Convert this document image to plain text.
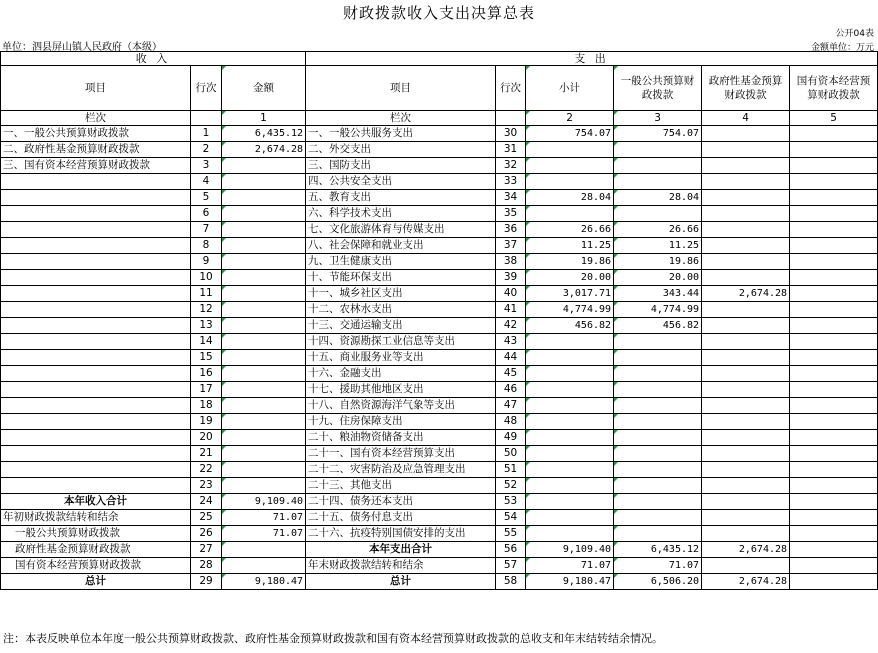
财政拨款收入支出决算总表
公开04表
单位：泗县屏山镇人民政府（本级）	金额单位：万元
收 入			支 出					
项目	行次	金额	项目	行次	小计	一般公共预算财政拨款	政府性基金预算财政拨款	国有资本经营预算财政拨款
栏次		1	栏次		2	3	4	5
一、一般公共预算财政拨款	1	6,435.12	一、一般公共服务支出	30	754.07	754.07		
二、政府性基金预算财政拨款	2	2,674.28	二、外交支出	31				
三、国有资本经营预算财政拨款	3		三、国防支出	32				
	4		四、公共安全支出	33				
	5		五、教育支出	34	28.04	28.04		
	6		六、科学技术支出	35				
	7		七、文化旅游体育与传媒支出	36	26.66	26.66		
	8		八、社会保障和就业支出	37	11.25	11.25		
	9		九、卫生健康支出	38	19.86	19.86		
	10		十、节能环保支出	39	20.00	20.00		
	11		十一、城乡社区支出	40	3,017.71	343.44	2,674.28	
	12		十二、农林水支出	41	4,774.99	4,774.99		
	13		十三、交通运输支出	42	456.82	456.82		
	14		十四、资源勘探工业信息等支出	43				
	15		十五、商业服务业等支出	44				
	16		十六、金融支出	45				
	17		十七、援助其他地区支出	46				
	18		十八、自然资源海洋气象等支出	47				
	19		十九、住房保障支出	48				
	20		二十、粮油物资储备支出	49				
	21		二十一、国有资本经营预算支出	50				
	22		二十二、灾害防治及应急管理支出	51				
	23		二十三、其他支出	52				
本年收入合计	24	9,109.40	二十四、债务还本支出	53				
年初财政拨款结转和结余	25	71.07	二十五、债务付息支出	54				
一般公共预算财政拨款	26	71.07	二十六、抗疫特别国债安排的支出	55				
政府性基金预算财政拨款	27		本年支出合计	56	9,109.40	6,435.12	2,674.28	
国有资本经营预算财政拨款	28		年末财政拨款结转和结余	57	71.07	71.07		
总计	29	9,180.47	总计	58	9,180.47	6,506.20	2,674.28	
注：本表反映单位本年度一般公共预算财政拨款、政府性基金预算财政拨款和国有资本经营预算财政拨款的总收支和年末结转结余情况。
